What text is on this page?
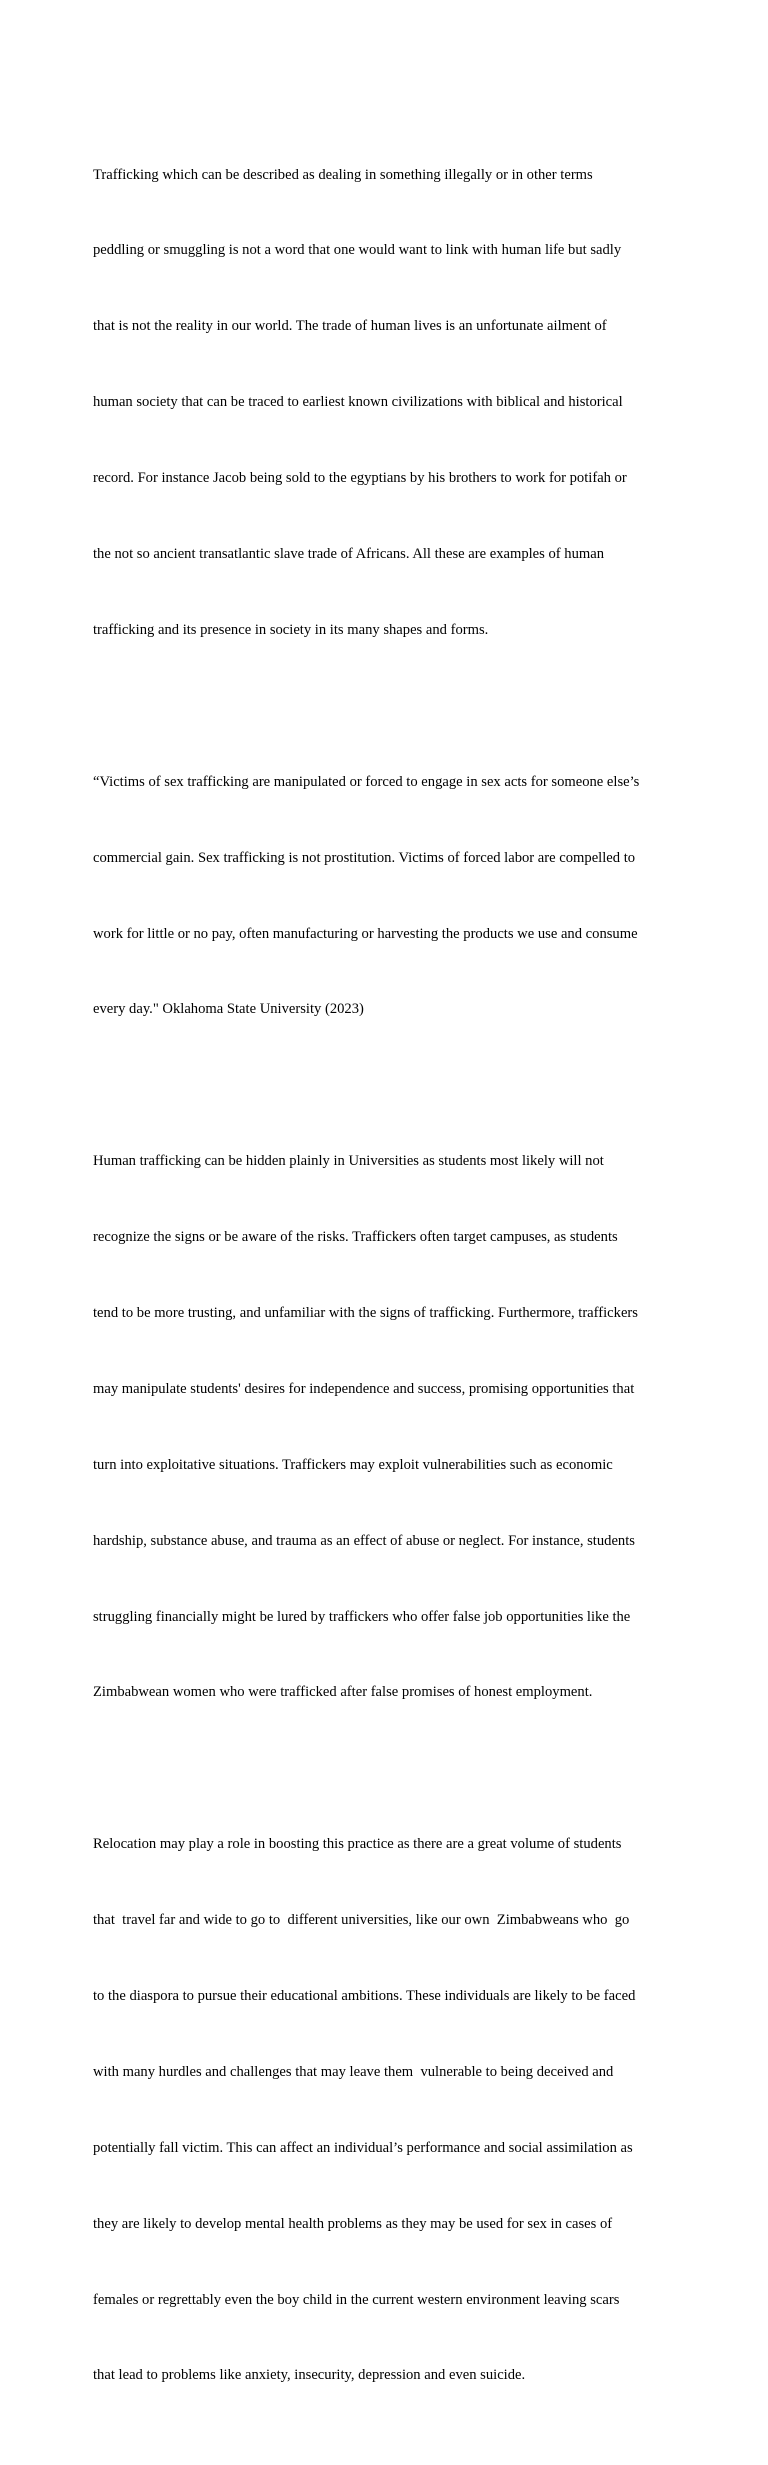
Trafficking which can be described as dealing in something illegally or in other terms

peddling or smuggling is not a word that one would want to link with human life but sadly

that is not the reality in our world. The trade of human lives is an unfortunate ailment of

human society that can be traced to earliest known civilizations with biblical and historical

record. For instance Jacob being sold to the egyptians by his brothers to work for potifah or

the not so ancient transatlantic slave trade of Africans. All these are examples of human

trafficking and its presence in society in its many shapes and forms.

“Victims of sex trafficking are manipulated or forced to engage in sex acts for someone else’s

commercial gain. Sex trafficking is not prostitution. Victims of forced labor are compelled to

work for little or no pay, often manufacturing or harvesting the products we use and consume

every day." Oklahoma State University (2023)

Human trafficking can be hidden plainly in Universities as students most likely will not

recognize the signs or be aware of the risks. Traffickers often target campuses, as students

tend to be more trusting, and unfamiliar with the signs of trafficking. Furthermore, traffickers

may manipulate students' desires for independence and success, promising opportunities that

turn into exploitative situations. Traffickers may exploit vulnerabilities such as economic

hardship, substance abuse, and trauma as an effect of abuse or neglect. For instance, students

struggling financially might be lured by traffickers who offer false job opportunities like the

Zimbabwean women who were trafficked after false promises of honest employment.

Relocation may play a role in boosting this practice as there are a great volume of students

that  travel far and wide to go to  different universities, like our own  Zimbabweans who  go

to the diaspora to pursue their educational ambitions. These individuals are likely to be faced

with many hurdles and challenges that may leave them  vulnerable to being deceived and

potentially fall victim. This can affect an individual’s performance and social assimilation as

they are likely to develop mental health problems as they may be used for sex in cases of

females or regrettably even the boy child in the current western environment leaving scars

that lead to problems like anxiety, insecurity, depression and even suicide.
